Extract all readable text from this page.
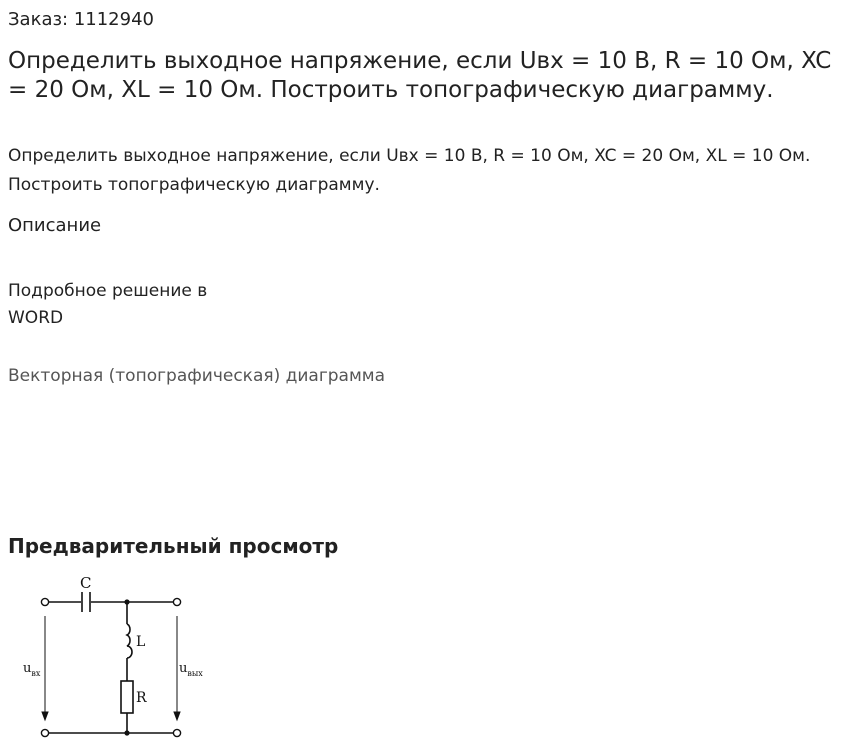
Заказ: 1112940
Определить выходное напряжение, если Uвх = 10 В, R = 10 Ом, XC = 20 Ом, XL = 10 Ом. Построить топографическую диаграмму.
Определить выходное напряжение, если Uвх = 10 В, R = 10 Ом, XC = 20 Ом, XL = 10 Ом. Построить топографическую диаграмму.
Описание
Подробное решение в WORD
Векторная (топографическая) диаграмма
Предварительный просмотр
C
L
R
$u_{вх}$	$u_{вых}$
